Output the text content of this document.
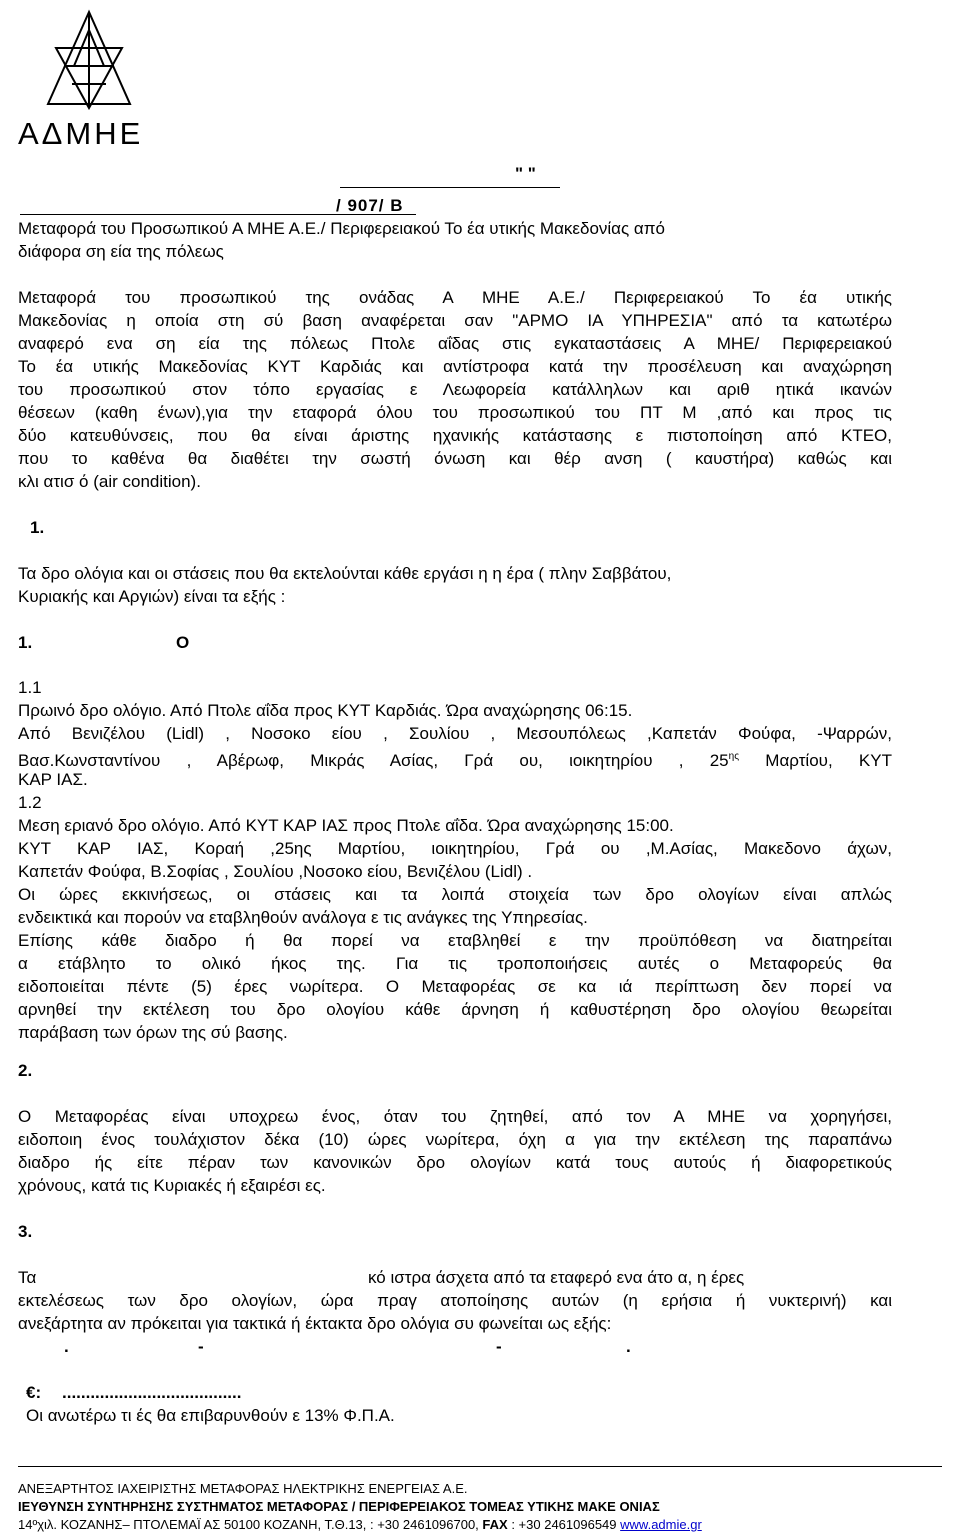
ΑΔΜΗΕ
" "
/ 907/ Β
Μεταφορά του Προσωπικού Α ΜΗΕ Α.Ε./ Περιφερειακού Το έα υτικής Μακεδονίας από
διάφορα ση εία της πόλεως
Μεταφορά του προσωπικού της ονάδας Α ΜΗΕ Α.Ε./ Περιφερειακού Το έα υτικής
Μακεδονίας η οποία στη σύ βαση αναφέρεται σαν "ΑΡΜΟ ΙΑ ΥΠΗΡΕΣΙΑ" από τα κατωτέρω
αναφερό ενα ση εία της πόλεως Πτολε αΐδας στις εγκαταστάσεις Α ΜΗΕ/ Περιφερειακού
Το έα υτικής Μακεδονίας ΚΥΤ Καρδιάς και αντίστροφα κατά την προσέλευση και αναχώρηση
του προσωπικού στον τόπο εργασίας ε Λεωφορεία κατάλληλων και αριθ ητικά ικανών
θέσεων (καθη ένων),για την εταφορά όλου του προσωπικού του ΠΤ Μ ,από και προς τις
δύο κατευθύνσεις, που θα είναι άριστης ηχανικής κατάστασης ε πιστοποίηση από ΚΤΕΟ,
που το καθένα θα διαθέτει την σωστή όνωση και θέρ ανση ( καυστήρα) καθώς και
κλι ατισ ό (air condition).
1.
Τα δρο ολόγια και οι στάσεις που θα εκτελούνται κάθε εργάσι η η έρα ( πλην Σαββάτου,
Κυριακής και Αργιών) είναι τα εξής :
1.	Ο
1.1
Πρωινό δρο ολόγιο. Από Πτολε αΐδα προς ΚΥΤ Καρδιάς. Ώρα αναχώρησης 06:15.
Από Βενιζέλου (Lidl) , Νοσοκο είου , Σουλίου , Μεσουπόλεως ,Καπετάν Φούφα, -Ψαρρών,
Βασ.Κωνσταντίνου , Αβέρωφ, Μικράς Ασίας, Γρά ου, ιοικητηρίου , $25^{\eta\varsigma}$ Μαρτίου, ΚΥΤ
ΚΑΡ ΙΑΣ.
1.2
Μεση εριανό δρο ολόγιο. Από ΚΥΤ ΚΑΡ ΙΑΣ προς Πτολε αΐδα. Ώρα αναχώρησης 15:00.
ΚΥΤ ΚΑΡ ΙΑΣ, Κοραή ,25ης Μαρτίου, ιοικητηρίου, Γρά ου ,Μ.Ασίας, Μακεδονο άχων,
Καπετάν Φούφα, Β.Σοφίας , Σουλίου ,Νοσοκο είου, Βενιζέλου (Lidl) .
Οι ώρες εκκινήσεως, οι στάσεις και τα λοιπά στοιχεία των δρο ολογίων είναι απλώς
ενδεικτικά και πορούν να εταβληθούν ανάλογα ε τις ανάγκες της Υπηρεσίας.
Επίσης κάθε διαδρο ή θα πορεί να εταβληθεί ε την προϋπόθεση να διατηρείται
α ετάβλητο το ολικό ήκος της. Για τις τροποποιήσεις αυτές ο Μεταφορεύς θα
ειδοποιείται πέντε (5) έρες νωρίτερα. Ο Μεταφορέας σε κα ιά περίπτωση δεν πορεί να
αρνηθεί την εκτέλεση του δρο ολογίου κάθε άρνηση ή καθυστέρηση δρο ολογίου θεωρείται
παράβαση των όρων της σύ βασης.
2.
Ο Μεταφορέας είναι υποχρεω ένος, όταν του ζητηθεί, από τον Α ΜΗΕ να χορηγήσει,
ειδοποιη ένος τουλάχιστον δέκα (10) ώρες νωρίτερα, όχη α για την εκτέλεση της παραπάνω
διαδρο ής είτε πέραν των κανονικών δρο ολογίων κατά τους αυτούς ή διαφορετικούς
χρόνους, κατά τις Κυριακές ή εξαιρέσι ες.
3.
Τα	κό ιστρα άσχετα από τα εταφερό ενα άτο α, η έρες
εκτελέσεως των δρο ολογίων, ώρα πραγ ατοποίησης αυτών (η ερήσια ή νυκτερινή) και
ανεξάρτητα αν πρόκειται για τακτικά ή έκτακτα δρο ολόγια συ φωνείται ως εξής:
.	-	-	.
€: ......................................
Οι ανωτέρω τι ές θα επιβαρυνθούν ε 13% Φ.Π.Α.
ΑΝΕΞΑΡΤΗΤΟΣ ΙΑΧΕΙΡΙΣΤΗΣ ΜΕΤΑΦΟΡΑΣ ΗΛΕΚΤΡΙΚΗΣ ΕΝΕΡΓΕΙΑΣ Α.Ε.
ΙΕΥΘΥΝΣΗ ΣΥΝΤΗΡΗΣΗΣ ΣΥΣΤΗΜΑΤΟΣ ΜΕΤΑΦΟΡΑΣ / ΠΕΡΙΦΕΡΕΙΑΚΟΣ ΤΟΜΕΑΣ ΥΤΙΚΗΣ ΜΑΚΕ ΟΝΙΑΣ
14ºχιλ. ΚΟΖΑΝΗΣ– ΠΤΟΛΕΜΑΪ ΑΣ 50100 ΚΟΖΑΝΗ, Τ.Θ.13, : +30 2461096700, FAX : +30 2461096549 www.admie.gr
